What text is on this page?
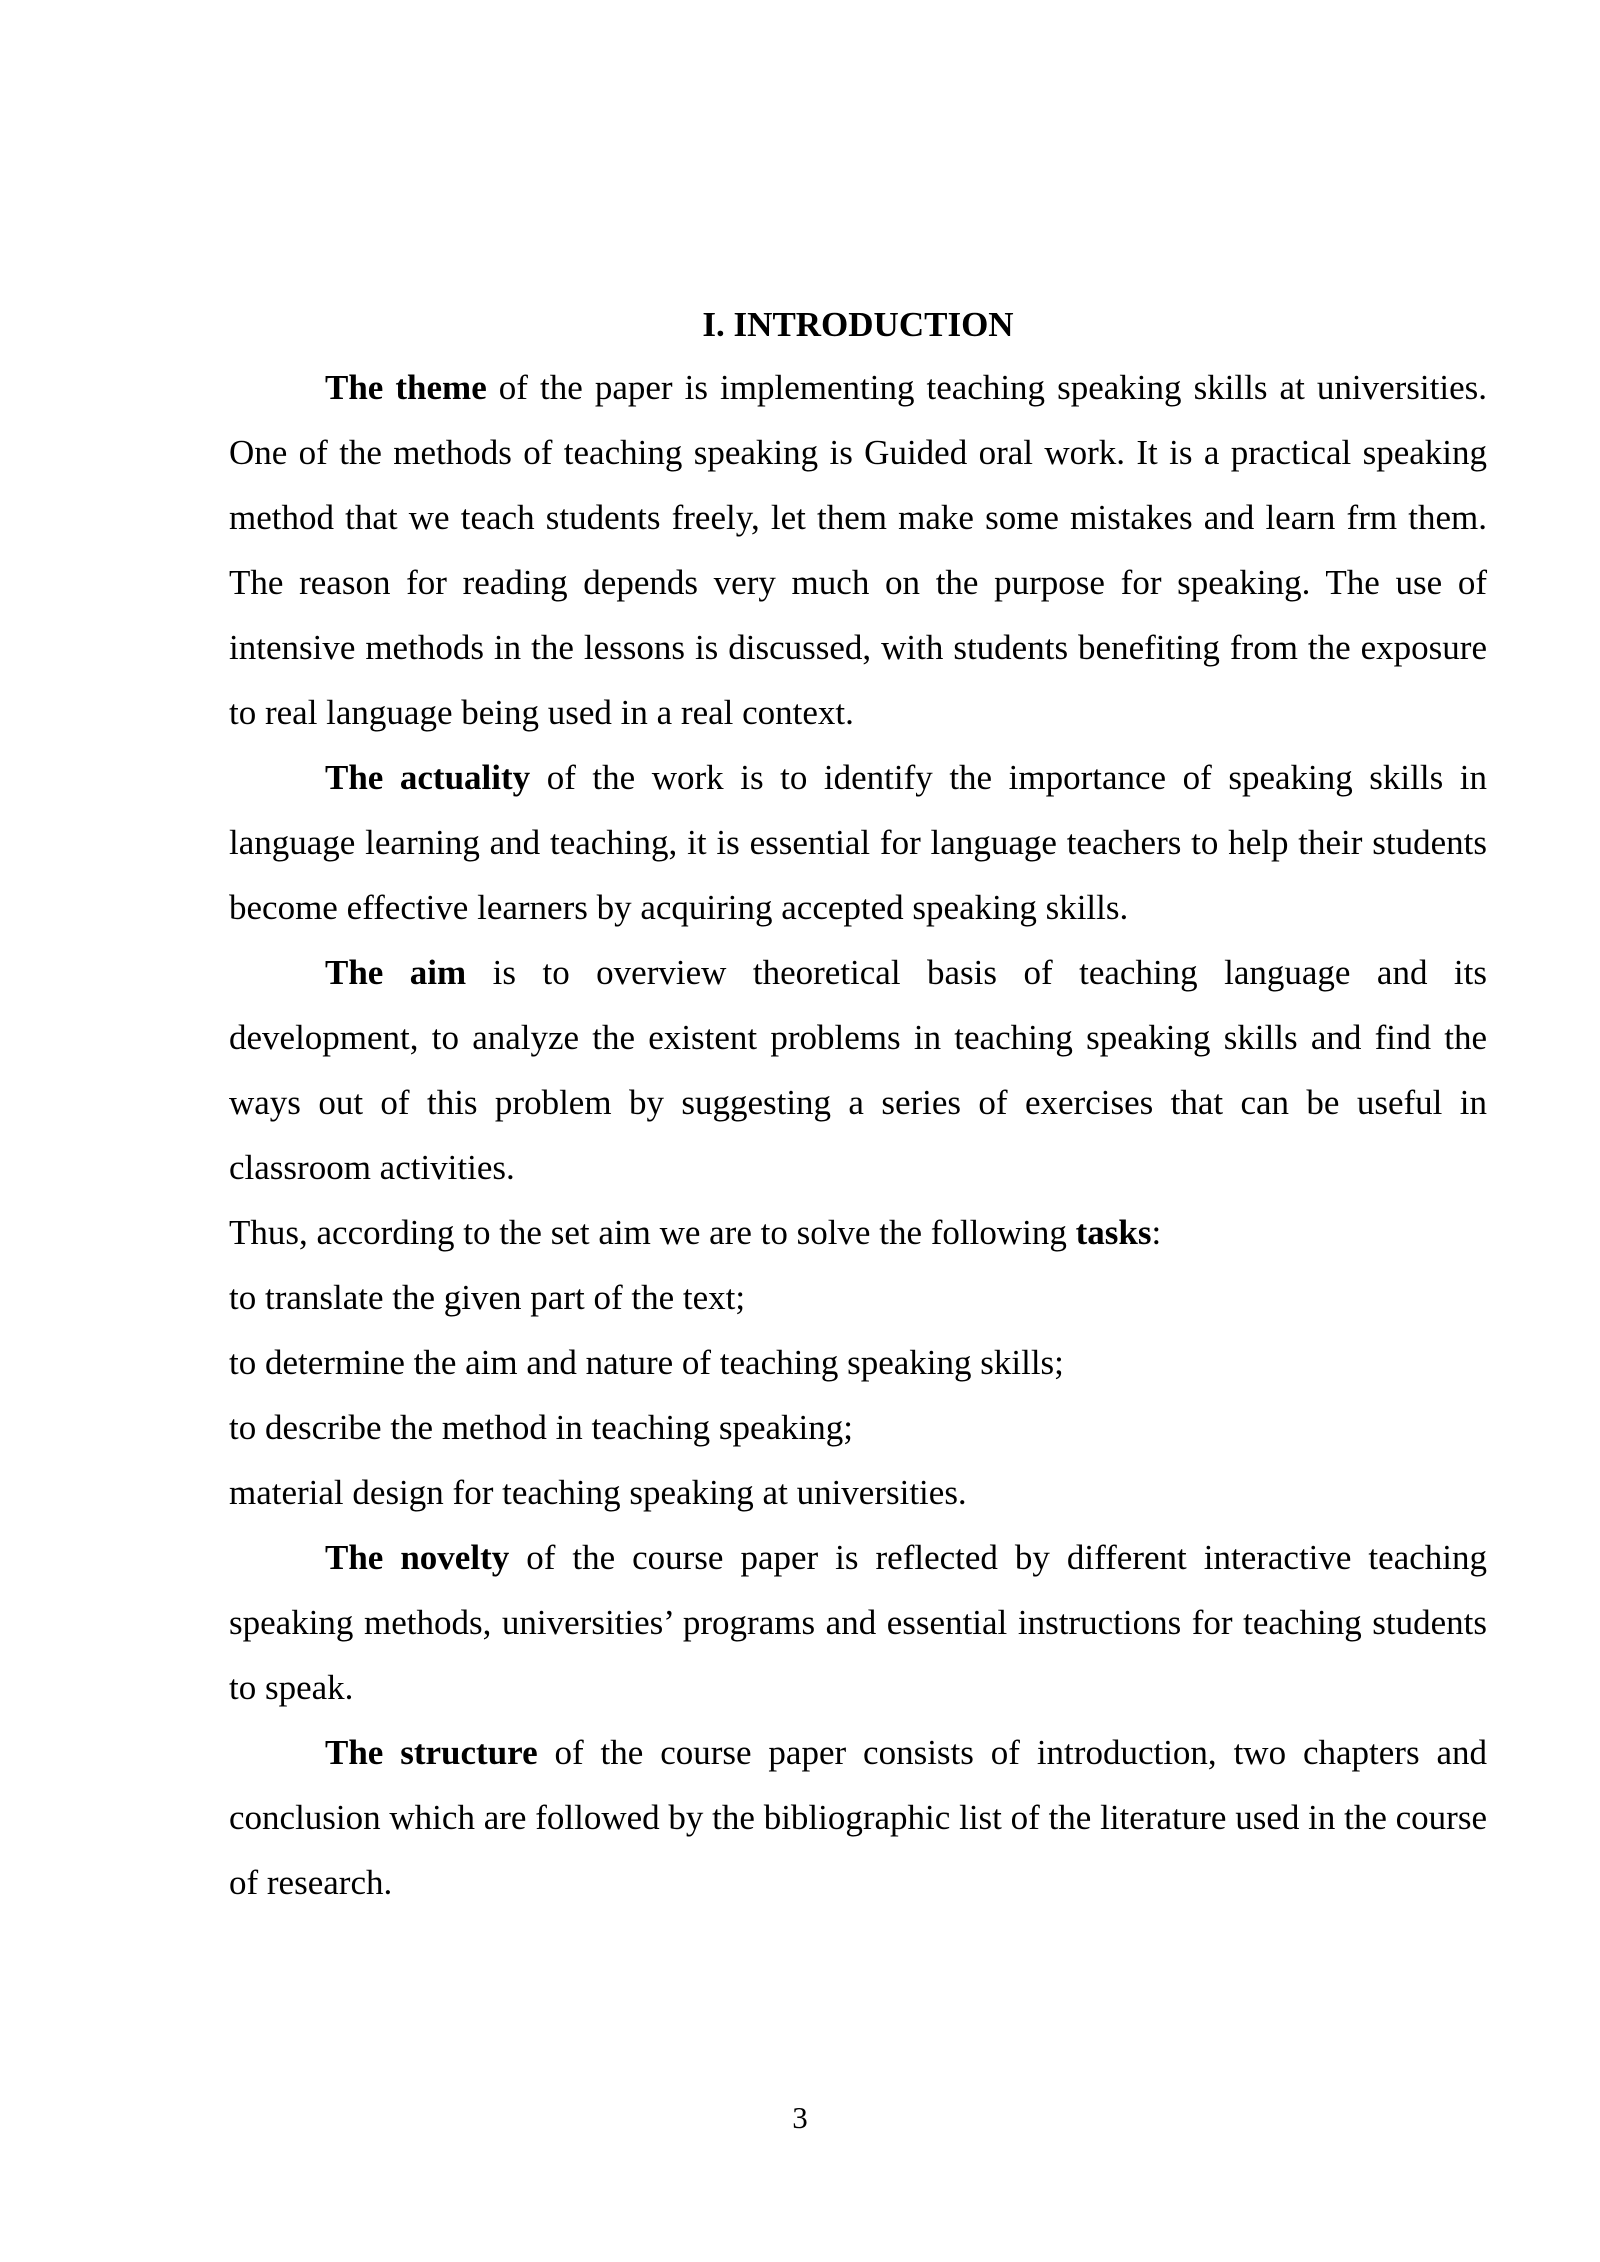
I. INTRODUCTION

The theme of the paper is implementing teaching speaking skills at universities. One of the methods of teaching speaking is Guided oral work. It is a practical speaking method that we teach students freely, let them make some mistakes and learn frm them. The reason for reading depends very much on the purpose for speaking. The use of intensive methods in the lessons is discussed, with students benefiting from the exposure to real language being used in a real context.

The actuality of the work is to identify the importance of speaking skills in language learning and teaching, it is essential for language teachers to help their students become effective learners by acquiring accepted speaking skills.

The aim is to overview theoretical basis of teaching language and its development, to analyze the existent problems in teaching speaking skills and find the ways out of this problem by suggesting a series of exercises that can be useful in classroom activities.

Thus, according to the set aim we are to solve the following tasks:

to translate the given part of the text;

to determine the aim and nature of teaching speaking skills;

to describe the method in teaching speaking;

material design for teaching speaking at universities.

The novelty of the course paper is reflected by different interactive teaching speaking methods, universities’ programs and essential instructions for teaching students to speak.

The structure of the course paper consists of introduction, two chapters and conclusion which are followed by the bibliographic list of the literature used in the course of research.

3
